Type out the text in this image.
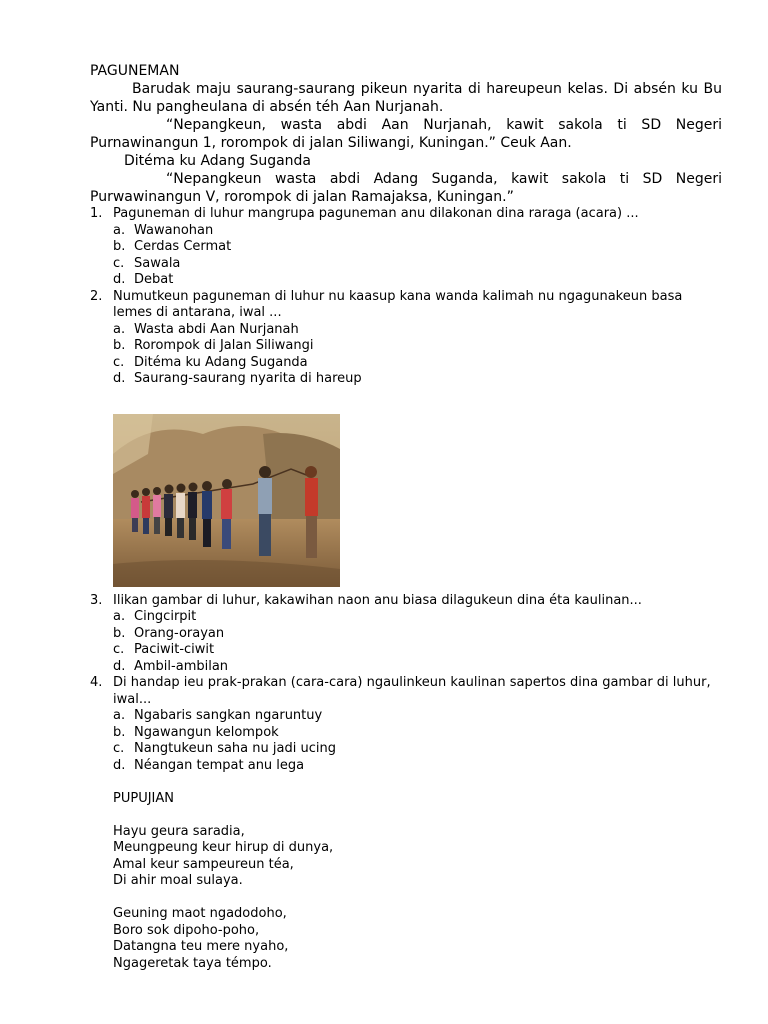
PAGUNEMAN
Barudak maju saurang-saurang pikeun nyarita di hareupeun kelas. Di absén ku Bu Yanti. Nu pangheulana di absén téh Aan Nurjanah.
“Nepangkeun, wasta abdi Aan Nurjanah, kawit sakola ti SD Negeri Purnawinangun 1, rorompok di jalan Siliwangi, Kuningan.” Ceuk Aan.
Ditéma ku Adang Suganda
“Nepangkeun wasta abdi Adang Suganda, kawit sakola ti SD Negeri Purwawinangun V, rorompok di jalan Ramajaksa, Kuningan.”
1. Paguneman di luhur mangrupa paguneman anu dilakonan dina raraga (acara) ...
a. Wawanohan
b. Cerdas Cermat
c. Sawala
d. Debat
2. Numutkeun paguneman di luhur nu kaasup kana wanda kalimah nu ngagunakeun basa lemes di antarana, iwal ...
a. Wasta abdi Aan Nurjanah
b. Rorompok di Jalan Siliwangi
c. Ditéma ku Adang Suganda
d. Saurang-saurang nyarita di hareup
3. Ilikan gambar di luhur, kakawihan naon anu biasa dilagukeun dina éta kaulinan...
a. Cingcirpit
b. Orang-orayan
c. Paciwit-ciwit
d. Ambil-ambilan
4. Di handap ieu prak-prakan (cara-cara) ngaulinkeun kaulinan sapertos dina gambar di luhur, iwal...
a. Ngabaris sangkan ngaruntuy
b. Ngawangun kelompok
c. Nangtukeun saha nu jadi ucing
d. Néangan tempat anu lega
PUPUJIAN
Hayu geura saradia,
Meungpeung keur hirup di dunya,
Amal keur sampeureun téa,
Di ahir moal sulaya.
Geuning maot ngadodoho,
Boro sok dipoho-poho,
Datangna teu mere nyaho,
Ngageretak taya témpo.
